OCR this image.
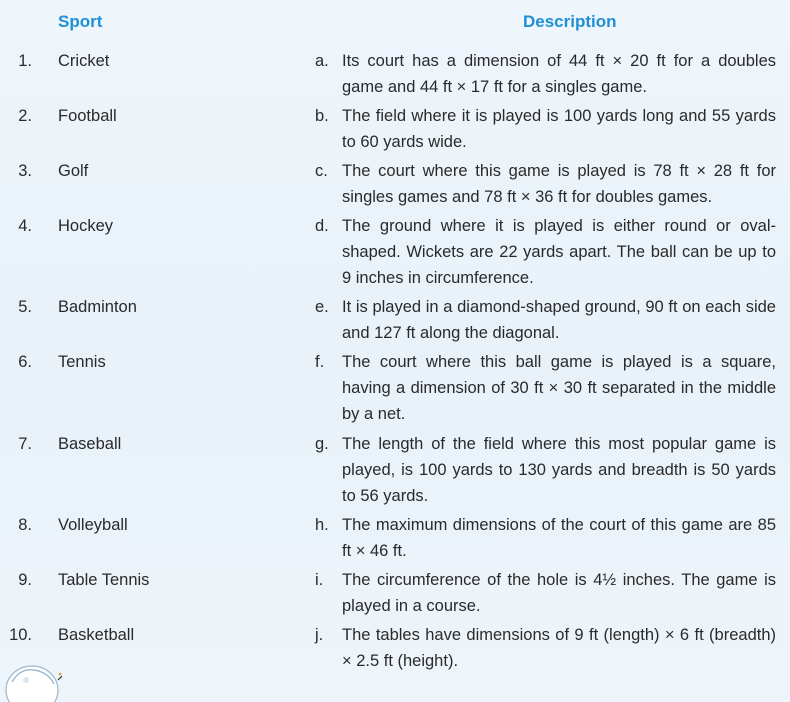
Sport	Description
1. Cricket	a. Its court has a dimension of 44 ft × 20 ft for a doubles game and 44 ft × 17 ft for a singles game.
2. Football	b. The field where it is played is 100 yards long and 55 yards to 60 yards wide.
3. Golf	c. The court where this game is played is 78 ft × 28 ft for singles games and 78 ft × 36 ft for doubles games.
4. Hockey	d. The ground where it is played is either round or oval-shaped. Wickets are 22 yards apart. The ball can be up to 9 inches in circumference.
5. Badminton	e. It is played in a diamond-shaped ground, 90 ft on each side and 127 ft along the diagonal.
6. Tennis	f.	The court where this ball game is played is a square, having a dimension of 30 ft × 30 ft separated in the middle by a net.
7. Baseball	g. The length of the field where this most popular game is played, is 100 yards to 130 yards and breadth is 50 yards to 56 yards.
8. Volleyball	h. The maximum dimensions of the court of this game are 85 ft × 46 ft.
9. Table Tennis	i.	The circumference of the hole is 4½ inches. The game is played in a course.
10. Basketball	j.	The tables have dimensions of 9 ft (length) × 6 ft (breadth) × 2.5 ft (height).
